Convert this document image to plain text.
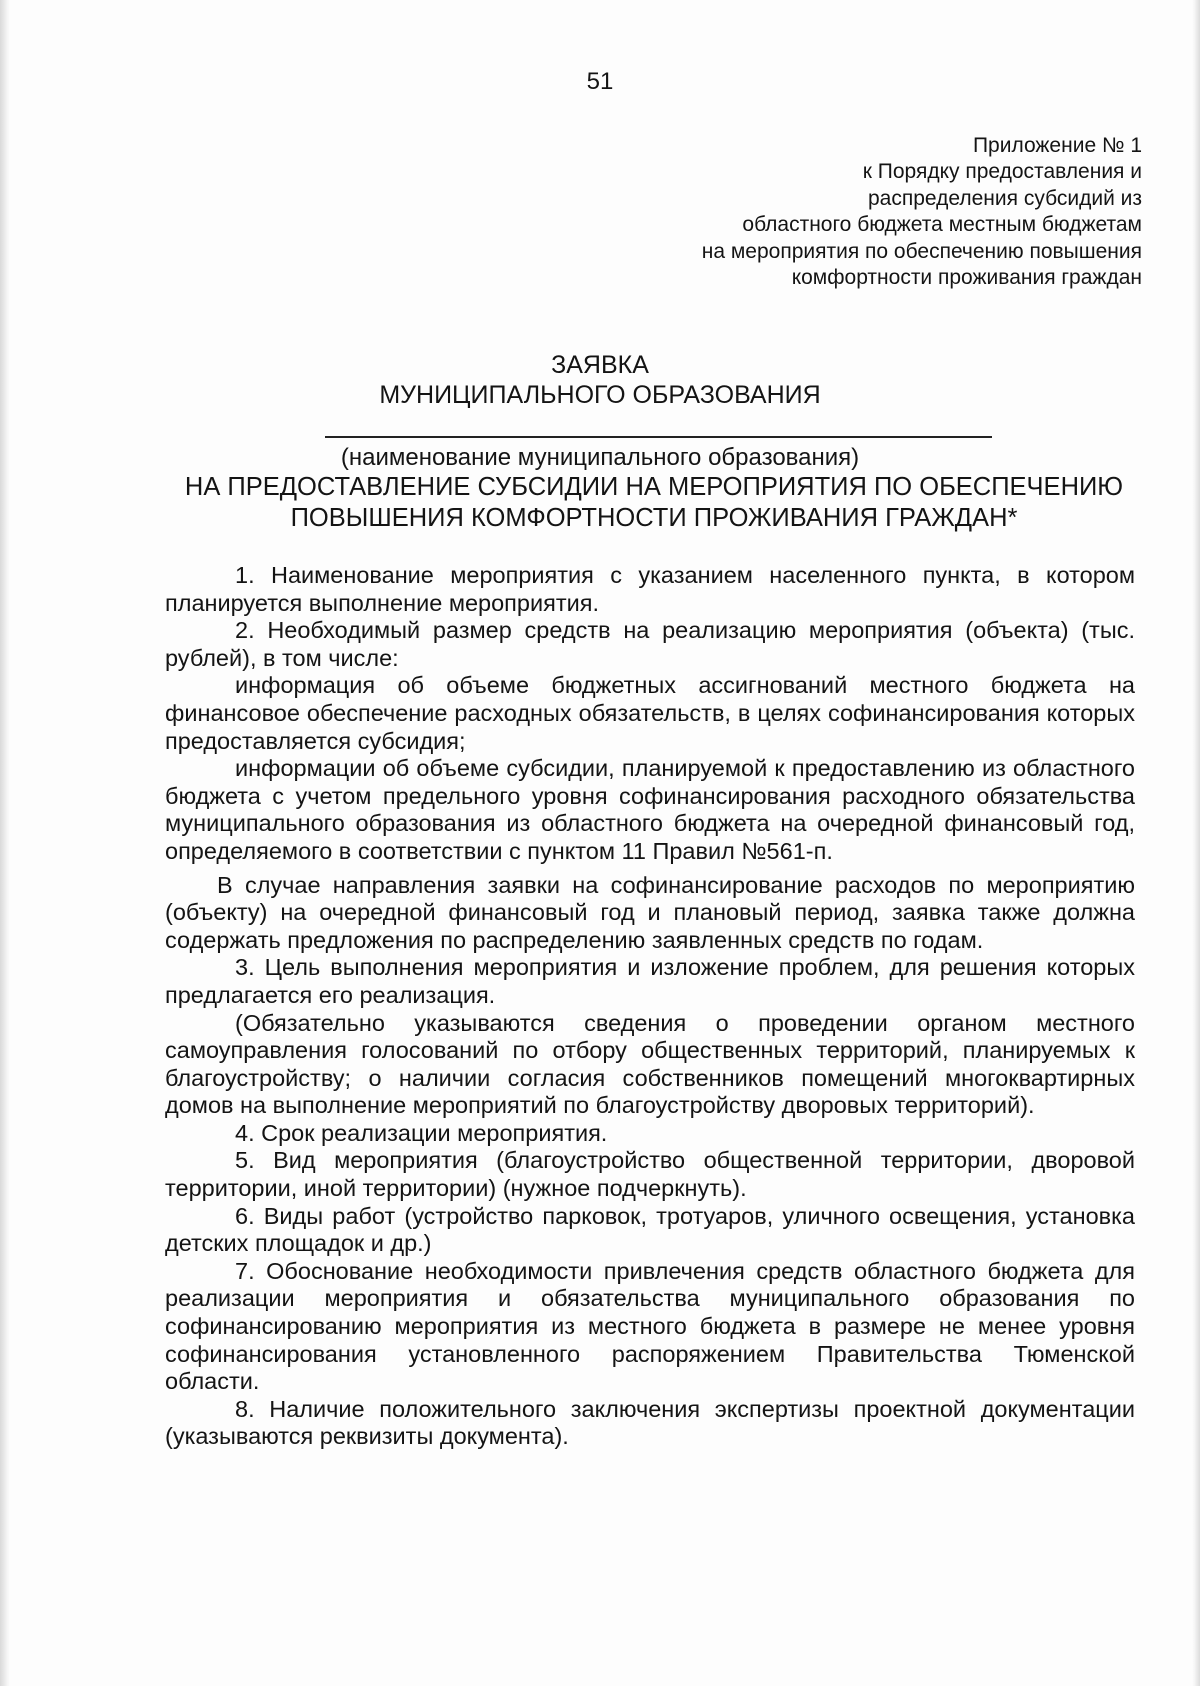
51
Приложение № 1
к Порядку предоставления и
распределения субсидий из
областного бюджета местным бюджетам
на мероприятия по обеспечению повышения
комфортности проживания граждан
ЗАЯВКА
МУНИЦИПАЛЬНОГО ОБРАЗОВАНИЯ
(наименование муниципального образования)
НА ПРЕДОСТАВЛЕНИЕ СУБСИДИИ НА МЕРОПРИЯТИЯ ПО ОБЕСПЕЧЕНИЮ
ПОВЫШЕНИЯ КОМФОРТНОСТИ ПРОЖИВАНИЯ ГРАЖДАН*

1. Наименование мероприятия с указанием населенного пункта, в котором планируется выполнение мероприятия.

2. Необходимый размер средств на реализацию мероприятия (объекта) (тыс. рублей), в том числе:

информация об объеме бюджетных ассигнований местного бюджета на финансовое обеспечение расходных обязательств, в целях софинансирования которых предоставляется субсидия;

информации об объеме субсидии, планируемой к предоставлению из областного бюджета с учетом предельного уровня софинансирования расходного обязательства муниципального образования из областного бюджета на очередной финансовый год, определяемого в соответствии с пунктом 11 Правил №561-п.

В случае направления заявки на софинансирование расходов по мероприятию (объекту) на очередной финансовый год и плановый период, заявка также должна содержать предложения по распределению заявленных средств по годам.

3. Цель выполнения мероприятия и изложение проблем, для решения которых предлагается его реализация.

(Обязательно указываются сведения о проведении органом местного самоуправления голосований по отбору общественных территорий, планируемых к благоустройству; о наличии согласия собственников помещений многоквартирных домов на выполнение мероприятий по благоустройству дворовых территорий).

4. Срок реализации мероприятия.

5. Вид мероприятия (благоустройство общественной территории, дворовой территории, иной территории) (нужное подчеркнуть).

6. Виды работ (устройство парковок, тротуаров, уличного освещения, установка детских площадок и др.)

7. Обоснование необходимости привлечения средств областного бюджета для реализации мероприятия и обязательства муниципального образования по софинансированию мероприятия из местного бюджета в размере не менее уровня софинансирования установленного распоряжением Правительства Тюменской области.

8. Наличие положительного заключения экспертизы проектной документации (указываются реквизиты документа).
